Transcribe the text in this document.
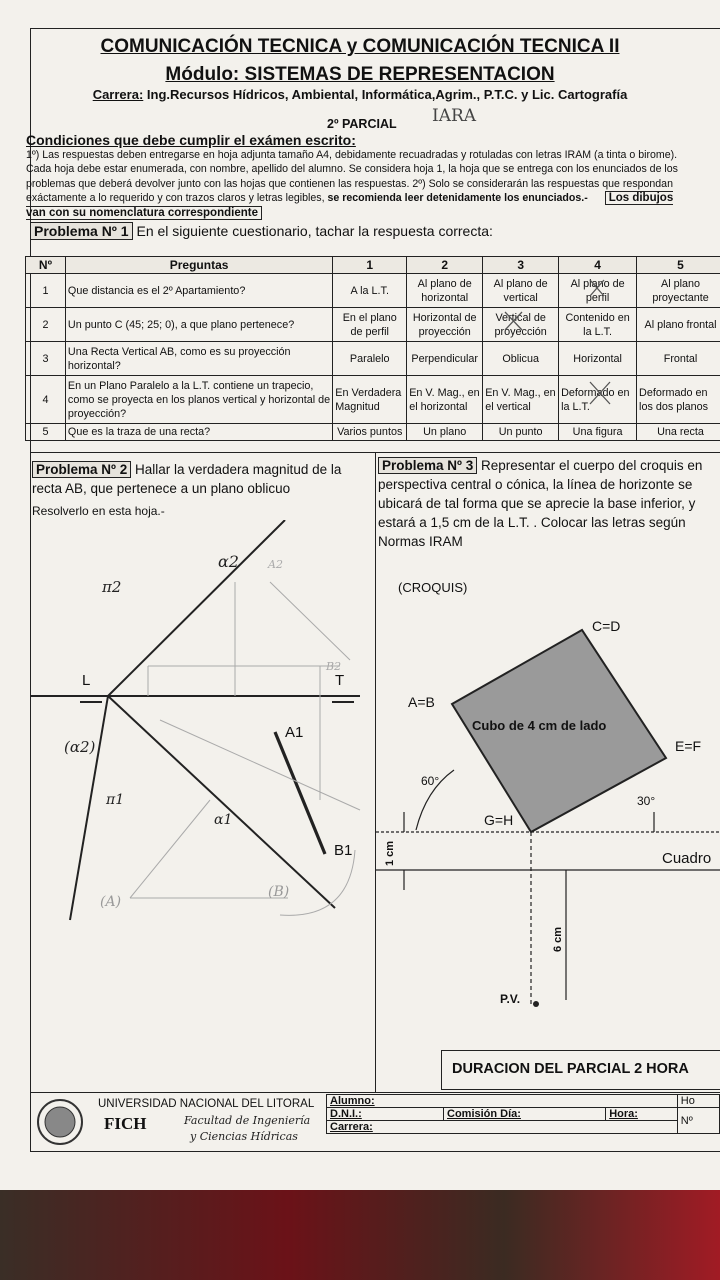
COMUNICACIÓN TECNICA y COMUNICACIÓN TECNICA II
Módulo: SISTEMAS DE REPRESENTACION
Carrera: Ing.Recursos Hídricos, Ambiental, Informática,Agrim., P.T.C. y Lic. Cartografía
2º PARCIAL IARA
Condiciones que debe cumplir el exámen escrito:
1º) Las respuestas deben entregarse en hoja adjunta tamaño A4, debidamente recuadradas y rotuladas con letras IRAM (a tinta o birome). Cada hoja debe estar enumerada, con nombre, apellido del alumno. Se considera hoja 1, la hoja que se entrega con los enunciados de los problemas que deberá devolver junto con las hojas que contienen las respuestas. 2º) Solo se considerarán las respuestas que respondan exáctamente a lo requerido y con trazos claros y letras legibles, se recomienda leer detenidamente los enunciados.- Los dibujos van con su nomenclatura correspondiente
Problema Nº 1 En el siguiente cuestionario, tachar la respuesta correcta:
Nº	Preguntas	1	2	3	4	5
1	Que distancia es el 2º Apartamiento?	A la L.T.	Al plano de horizontal	Al plano de vertical	Al plano de perfil	Al plano proyectante
2	Un punto C (45; 25; 0), a que plano pertenece?	En el plano de perfil	Horizontal de proyección	Vertical de proyección	Contenido en la L.T.	Al plano frontal
3	Una Recta Vertical AB, como es su proyección horizontal?	Paralelo	Perpendicular	Oblicua	Horizontal	Frontal
4	En un Plano Paralelo a la L.T. contiene un trapecio, como se proyecta en los planos vertical y horizontal de proyección?	En Verdadera Magnitud	En V. Mag., en el horizontal	En V. Mag., en el vertical	Deformado en la L.T.	Deformado en los dos planos
5	Que es la traza de una recta?	Varios puntos	Un plano	Un punto	Una figura	Una recta
Problema Nº 2 Hallar la verdadera magnitud de la recta AB, que pertenece a un plano oblicuo
Resolverlo en esta hoja.-
Problema Nº 3 Representar el cuerpo del croquis en perspectiva central o cónica, la línea de horizonte se ubicará de tal forma que se aprecie la base inferior, y estará a 1,5 cm de la L.T. . Colocar las letras según Normas IRAM
(CROQUIS)
α2
π2
L	T
(α2)
A1
π1
α1
B1
A2
B2
(A)
(B)
C=D
A=B
Cubo de 4 cm de lado
E=F
60°
30°
G=H
1 cm	Cuadro
6 cm
P.V.
DURACION DEL PARCIAL 2 HORA
UNIVERSIDAD NACIONAL DEL LITORAL
FICH	Facultad de Ingeniería
y Ciencias Hídricas
Alumno:			Ho
D.N.I.:	Comisión Día:	Hora:	Nº
Carrera:			
